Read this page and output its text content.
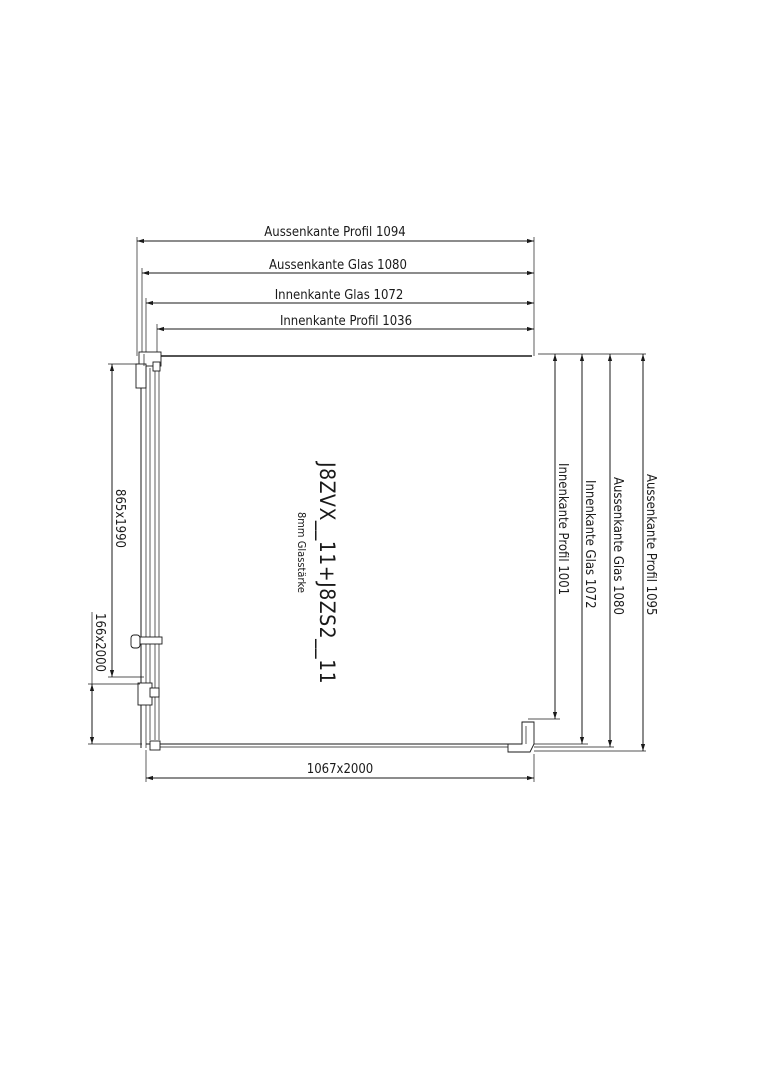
Aussenkante Profil 1094
Aussenkante Glas 1080
Innenkante Glas 1072
Innenkante Profil 1036
J8ZVX__11+J8ZS2__11
8mm Glasstärke	Innenkante Profil 1001 Innenkante Glas 1072 Aussenkante Glas 1080 Aussenkante Profil 1095
865x1990
166x2000
1067x2000
